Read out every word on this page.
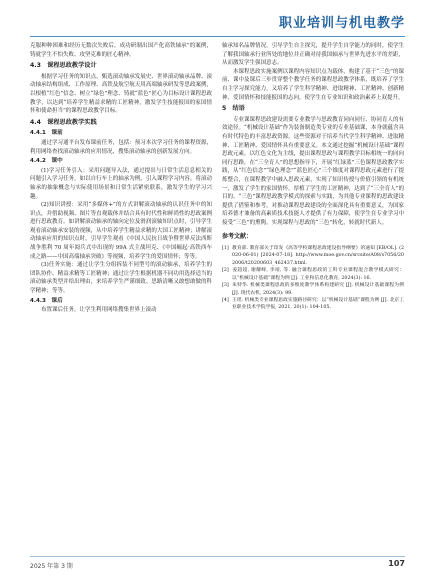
职业培训与机电教学

克服种种困难和经历无数次失败后，成功研制出国产化高铁轴承”的案例，铸就学生不怕失败、攻坚克难的匠心精神。

4.3　课程思政教学设计

根据学习任务的知识点，甄选滚动轴承发展史、世界滚动轴承品牌、滚动轴承结构组成、工作原理、高铁及航空航天用高端轴承研发等思政案例，以根植“红色”信念、树立“绿色”理念、铸就“蓝色”匠心为目标设计课程思政教学，以达到“培养学生精益求精的工匠精神，激发学生技能报国的家国情怀和使命担当”的课程思政教学目标。

4.4　课程思政教学实践
4.4.1　课前

通过学习通平台发布课前任务，包括：预习本次学习任务的课程资源，利用网络查找滚动轴承的应用情况，搜集滚动轴承的创新发展方向。

4.4.2　课中

(1)学习任务引入：采用问题导入法，通过提出与日常生活息息相关的问题引入学习任务。如以自行车上的轴承为例，引入课程学习内容，将滚动轴承的抽象概念与实际使用场景和日常生活紧密联系，激发学生的学习兴趣。

(2)知识讲授：采用“多媒体+”的方式讲解滚动轴承的认识任务中的知识点，并借助视频、图片等直观载体并结合具有时代性和鲜尚性的思政案例进行思政教育。如讲解滚动轴承的轴向定位及滑润滚轴知识点时，引导学生观看滚动轴承安装的视频，从中培养学生精益求精的大国工匠精神；讲解滚动轴承应用的知识点时，引导学生观看《中国人民抗日战争暨世界反法西斯战争胜利 70 周年阅兵式中出现的 99A 式主战坦克、《中国崛起·高铁西车成之路——中国高端轴承突破》等视频，培养学生的爱国情怀；等等。

(3)任务实施：通过让学生分组拆装不同型号的滚动轴承，培养学生的团队协作、精益求精等工匠精神；通过让学生根据机器不同功用选择适当的滚动轴承类型并给出理由，来培养学生严谨细致、思路清晰又敢想敢做的科学精神；等等。

4.4.3　课后

布置课后任务，让学生利用网络搜集世界上滚动

轴承知名品牌情况，引导学生自主探究，提升学生自学能力的同时，使学生了解我国轴承行业所处的地位并正确对待我国轴承与世界先进水平的差距，从而激发学生强国意志。

本课程思政实施案例以课程内容知识点为载体，构建了基于“三色”的课前、课中及课后三步贯穿整个教学任务的课程思政教学体系，既培养了学生自主学习探究能力，又培养了学生科学精神、进取精神、工匠精神、创新精神、爱国情怀和技能报国的志向，使学生在专业知识和政治素养上双提升。

5　结语

专业课课程思政建设需要专业教学与思政教育同向同行、协同育人的有效途径。“机械设计基础”作为装备制造类专业的专业基础课，本身就蕴含具有时代特色的丰富思政资源，这些资源对于培养当代学生科学精神、进取精神、工匠精神、爱国情怀具有重要意义。本文通过挖掘“机械设计基础”课程思政元素，以红色文化为主线，提出课程思政与课程教学目标相统一的同向同行思路，在“三全育人”的思想指导下，开展“红绿蓝”三色课程思政教学实践，从“红色信念”“绿色理念”“蓝色匠心”三个维度对课程思政元素进行了提炼整合，在课程教学中融入思政元素，实现了知识传授与价值引领的有机统一，激发了学生的家国情怀，厚植了学生的工匠精神，达到了“三全育人”的目的。“三色”课程思政教学模式的探索与实践，为其他专业课程的思政建设提供了借鉴和参考，对推动课程思政建设的全面深化具有重要意义，为国家培养德才兼备的高素质技术技能人才提供了有力保障，使学生在专业学习中接受“三色”的熏陶，实现课程与思政的“三色”转化，转就时代新人。

参考文献：
[1] 教育部. 教育部关于印发《高等学校课程思政建设指导纲要》的通知 [EB/OL]. (2020-06-01) [2024-07-18]. http://www.moe.gov.cn/srcsite/A08/s7056/202006/t20200603_462437.html.
[2] 姜超超, 谢耀峰, 李靖, 等. 融合课程思政的工科专业课程混合教学模式研究：以“机械设计基础”课程为例 [J]. 工业和信息化教育, 2024(3): 16.
[3] 朱特华. 机械类课程思政的多维度教学体系构建研究 [J]. 机械设计基础课程为例 [J]. 现代农机, 2024(3): 99.
[4] 王瑶. 机械类专业课程思政实施路径研究：以“机械设计基础”课程为例 [J]. 北京工业职业技术学院学报, 2021, 20(1): 104-105.
2025 年第 3 期	107
